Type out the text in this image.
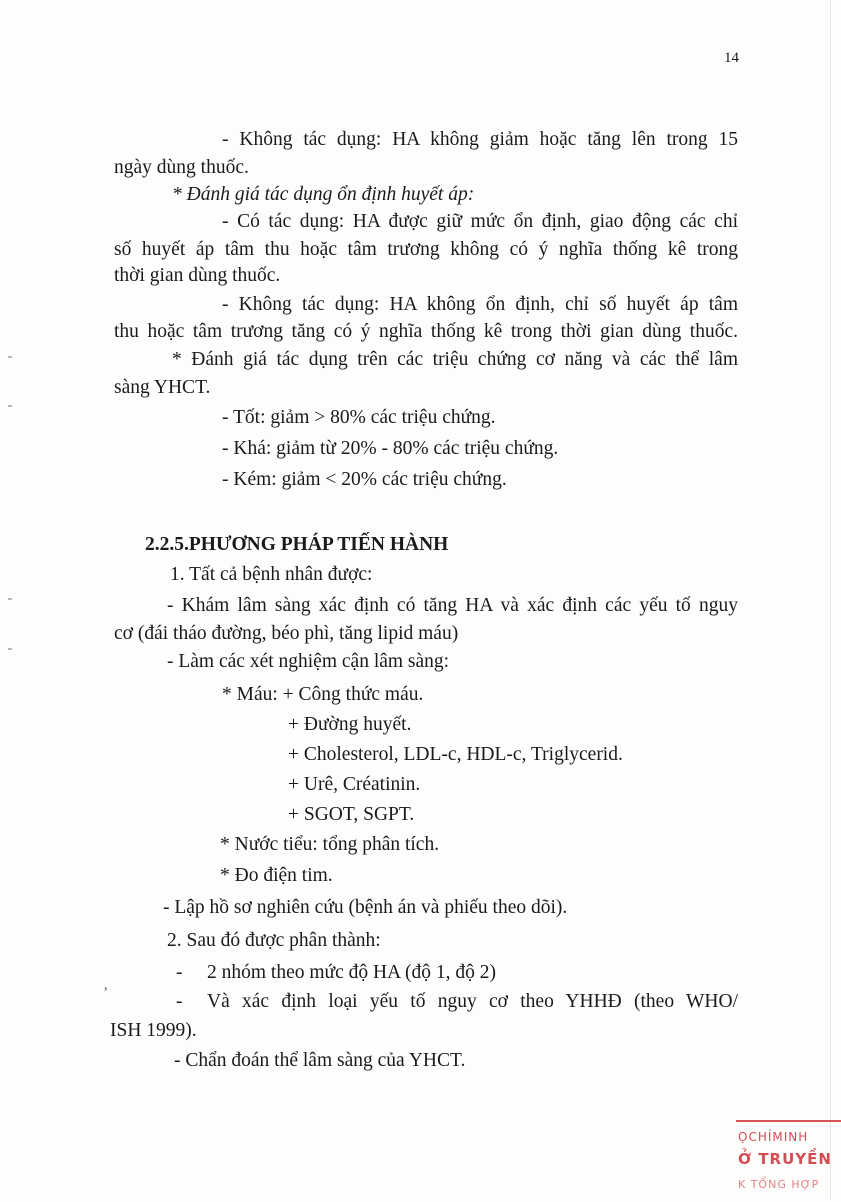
14
- Không tác dụng: HA không giảm hoặc tăng lên trong 15
ngày dùng thuốc.
* Đánh giá tác dụng ổn định huyết áp:
- Có tác dụng: HA được giữ mức ổn định, giao động các chỉ
số huyết áp tâm thu hoặc tâm trương không có ý nghĩa thống kê trong
thời gian dùng thuốc.
- Không tác dụng: HA không ổn định, chỉ số huyết áp tâm
thu hoặc tâm trương tăng có ý nghĩa thống kê trong thời gian dùng thuốc.
* Đánh giá tác dụng trên các triệu chứng cơ năng và các thể lâm
sàng YHCT.
- Tốt: giảm > 80% các triệu chứng.
- Khá: giảm từ 20% - 80% các triệu chứng.
- Kém: giảm < 20% các triệu chứng.
2.2.5.PHƯƠNG PHÁP TIẾN HÀNH
1. Tất cả bệnh nhân được:
- Khám lâm sàng xác định có tăng HA và xác định các yếu tố nguy
cơ (đái tháo đường, béo phì, tăng lipid máu)
- Làm các xét nghiệm cận lâm sàng:
* Máu: + Công thức máu.
+ Đường huyết.
+ Cholesterol, LDL-c, HDL-c, Triglycerid.
+ Urê, Créatinin.
+ SGOT, SGPT.
* Nước tiểu: tổng phân tích.
* Đo điện tim.
- Lập hồ sơ nghiên cứu (bệnh án và phiếu theo dõi).
2. Sau đó được phân thành:
- 2 nhóm theo mức độ HA (độ 1, độ 2)
,
- Và xác định loại yếu tố nguy cơ theo YHHĐ (theo WHO/
ISH 1999).
- Chẩn đoán thể lâm sàng của YHCT.
ỌCHÍMINH
Ở TRUYỀN
K TỔNG HỢP
